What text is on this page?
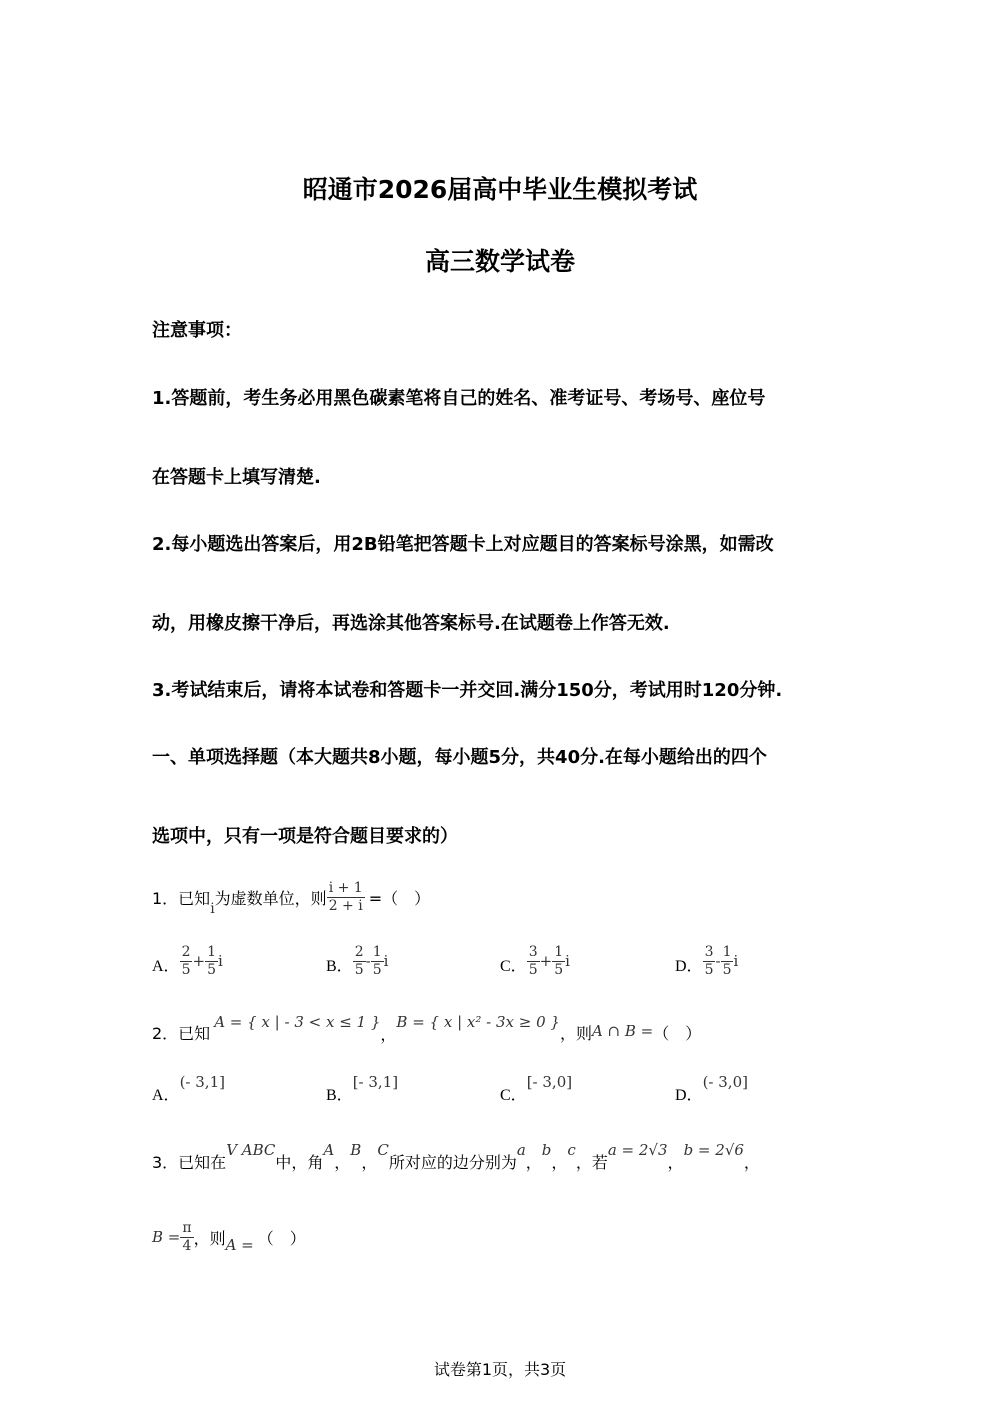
昭通市2026届高中毕业生模拟考试
高三数学试卷
注意事项：
1.答题前，考生务必用黑色碳素笔将自己的姓名、准考证号、考场号、座位号
在答题卡上填写清楚.
2.每小题选出答案后，用2B铅笔把答题卡上对应题目的答案标号涂黑，如需改
动，用橡皮擦干净后，再选涂其他答案标号.在试题卷上作答无效.
3.考试结束后，请将本试卷和答题卡一并交回.满分150分，考试用时120分钟.
一、单项选择题（本大题共8小题，每小题5分，共40分.在每小题给出的四个
选项中，只有一项是符合题目要求的）
1．已知
i
为虚数单位，则 $\frac{i + 1}{2 + i}$ =（　）
A． $\frac{2}{5} + \frac{1}{5}$ i	B． $\frac{2}{5} - \frac{1}{5}$ i	C． $\frac{3}{5} + \frac{1}{5}$ i	D． $\frac{3}{5} - \frac{1}{5}$ i
2．已知
A = { x | - 3 < x ≤ 1 }
，
B = { x | x² - 3x ≥ 0 }
，则 A ∩ B = （　）
A．
(- 3,1]
B．
[- 3,1]
C．
[- 3,0]
D．
(- 3,0]
3．已知在
V ABC
中，角
A
，
B
，
C
所对应的边分别为
a
，
b
，
c
，若
a = 2√3
，
b = 2√6
，
$B = \frac{\pi}{4}$ ，则 A = （　）
试卷第1页，共3页
